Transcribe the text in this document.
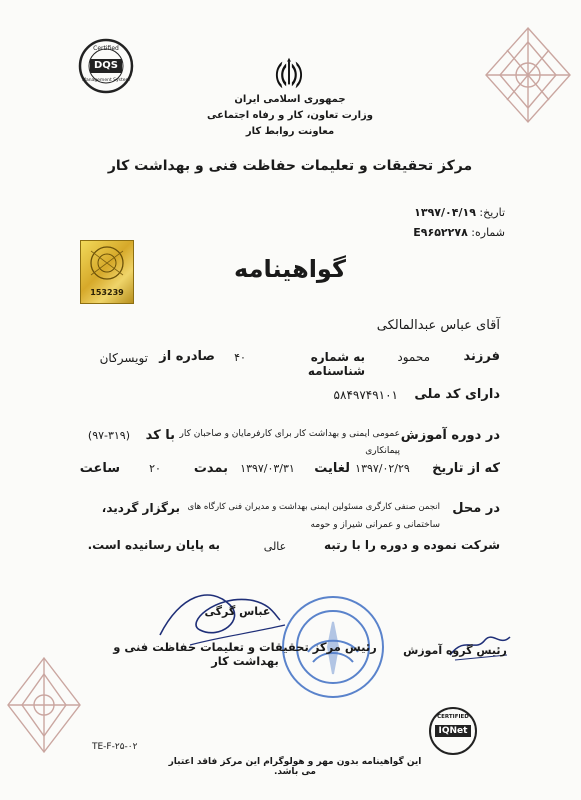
DQS
Certified
Management System
جمهوری اسلامی ایران
وزارت تعاون، کار و رفاه اجتماعی
معاونت روابط کار
مرکز تحقیقات و تعلیمات حفاظت فنی و بهداشت کار
تاریخ: ۱۳۹۷/۰۴/۱۹
شماره: E۹۶۵۲۲۷۸
153239
گواهینامه
آقای عباس عبدالمالکی
فرزند
محمود
به شماره شناسنامه
۴۰
صادره از
تویسرکان
دارای کد ملی
۵۸۴۹۷۴۹۱۰۱
در دوره آموزش
عمومی ایمنی و بهداشت کار برای کارفرمایان و صاحبان کار
پیمانکاری
با کد
(۹۷-۳۱۹)
که از تاریخ
۱۳۹۷/۰۲/۲۹
لغایت
۱۳۹۷/۰۳/۳۱
بمدت
۲۰
ساعت
در محل
انجمن صنفی کارگری مسئولین ایمنی بهداشت و مدیران فنی کارگاه های
برگزار گردید،
ساختمانی و عمرانی شیراز و حومه
شرکت نموده و دوره را با رتبه
عالی
به پایان رسانیده است.
عباس گرگی
رئیس مرکز تحقیقات و تعلیمات حفاظت فنی و بهداشت کار
رئیس گروه آموزش
CERTIFIED
IQNet
TE-F-۲۵-۰۲
این گواهینامه بدون مهر و هولوگرام این مرکز فاقد اعتبار می باشد.
